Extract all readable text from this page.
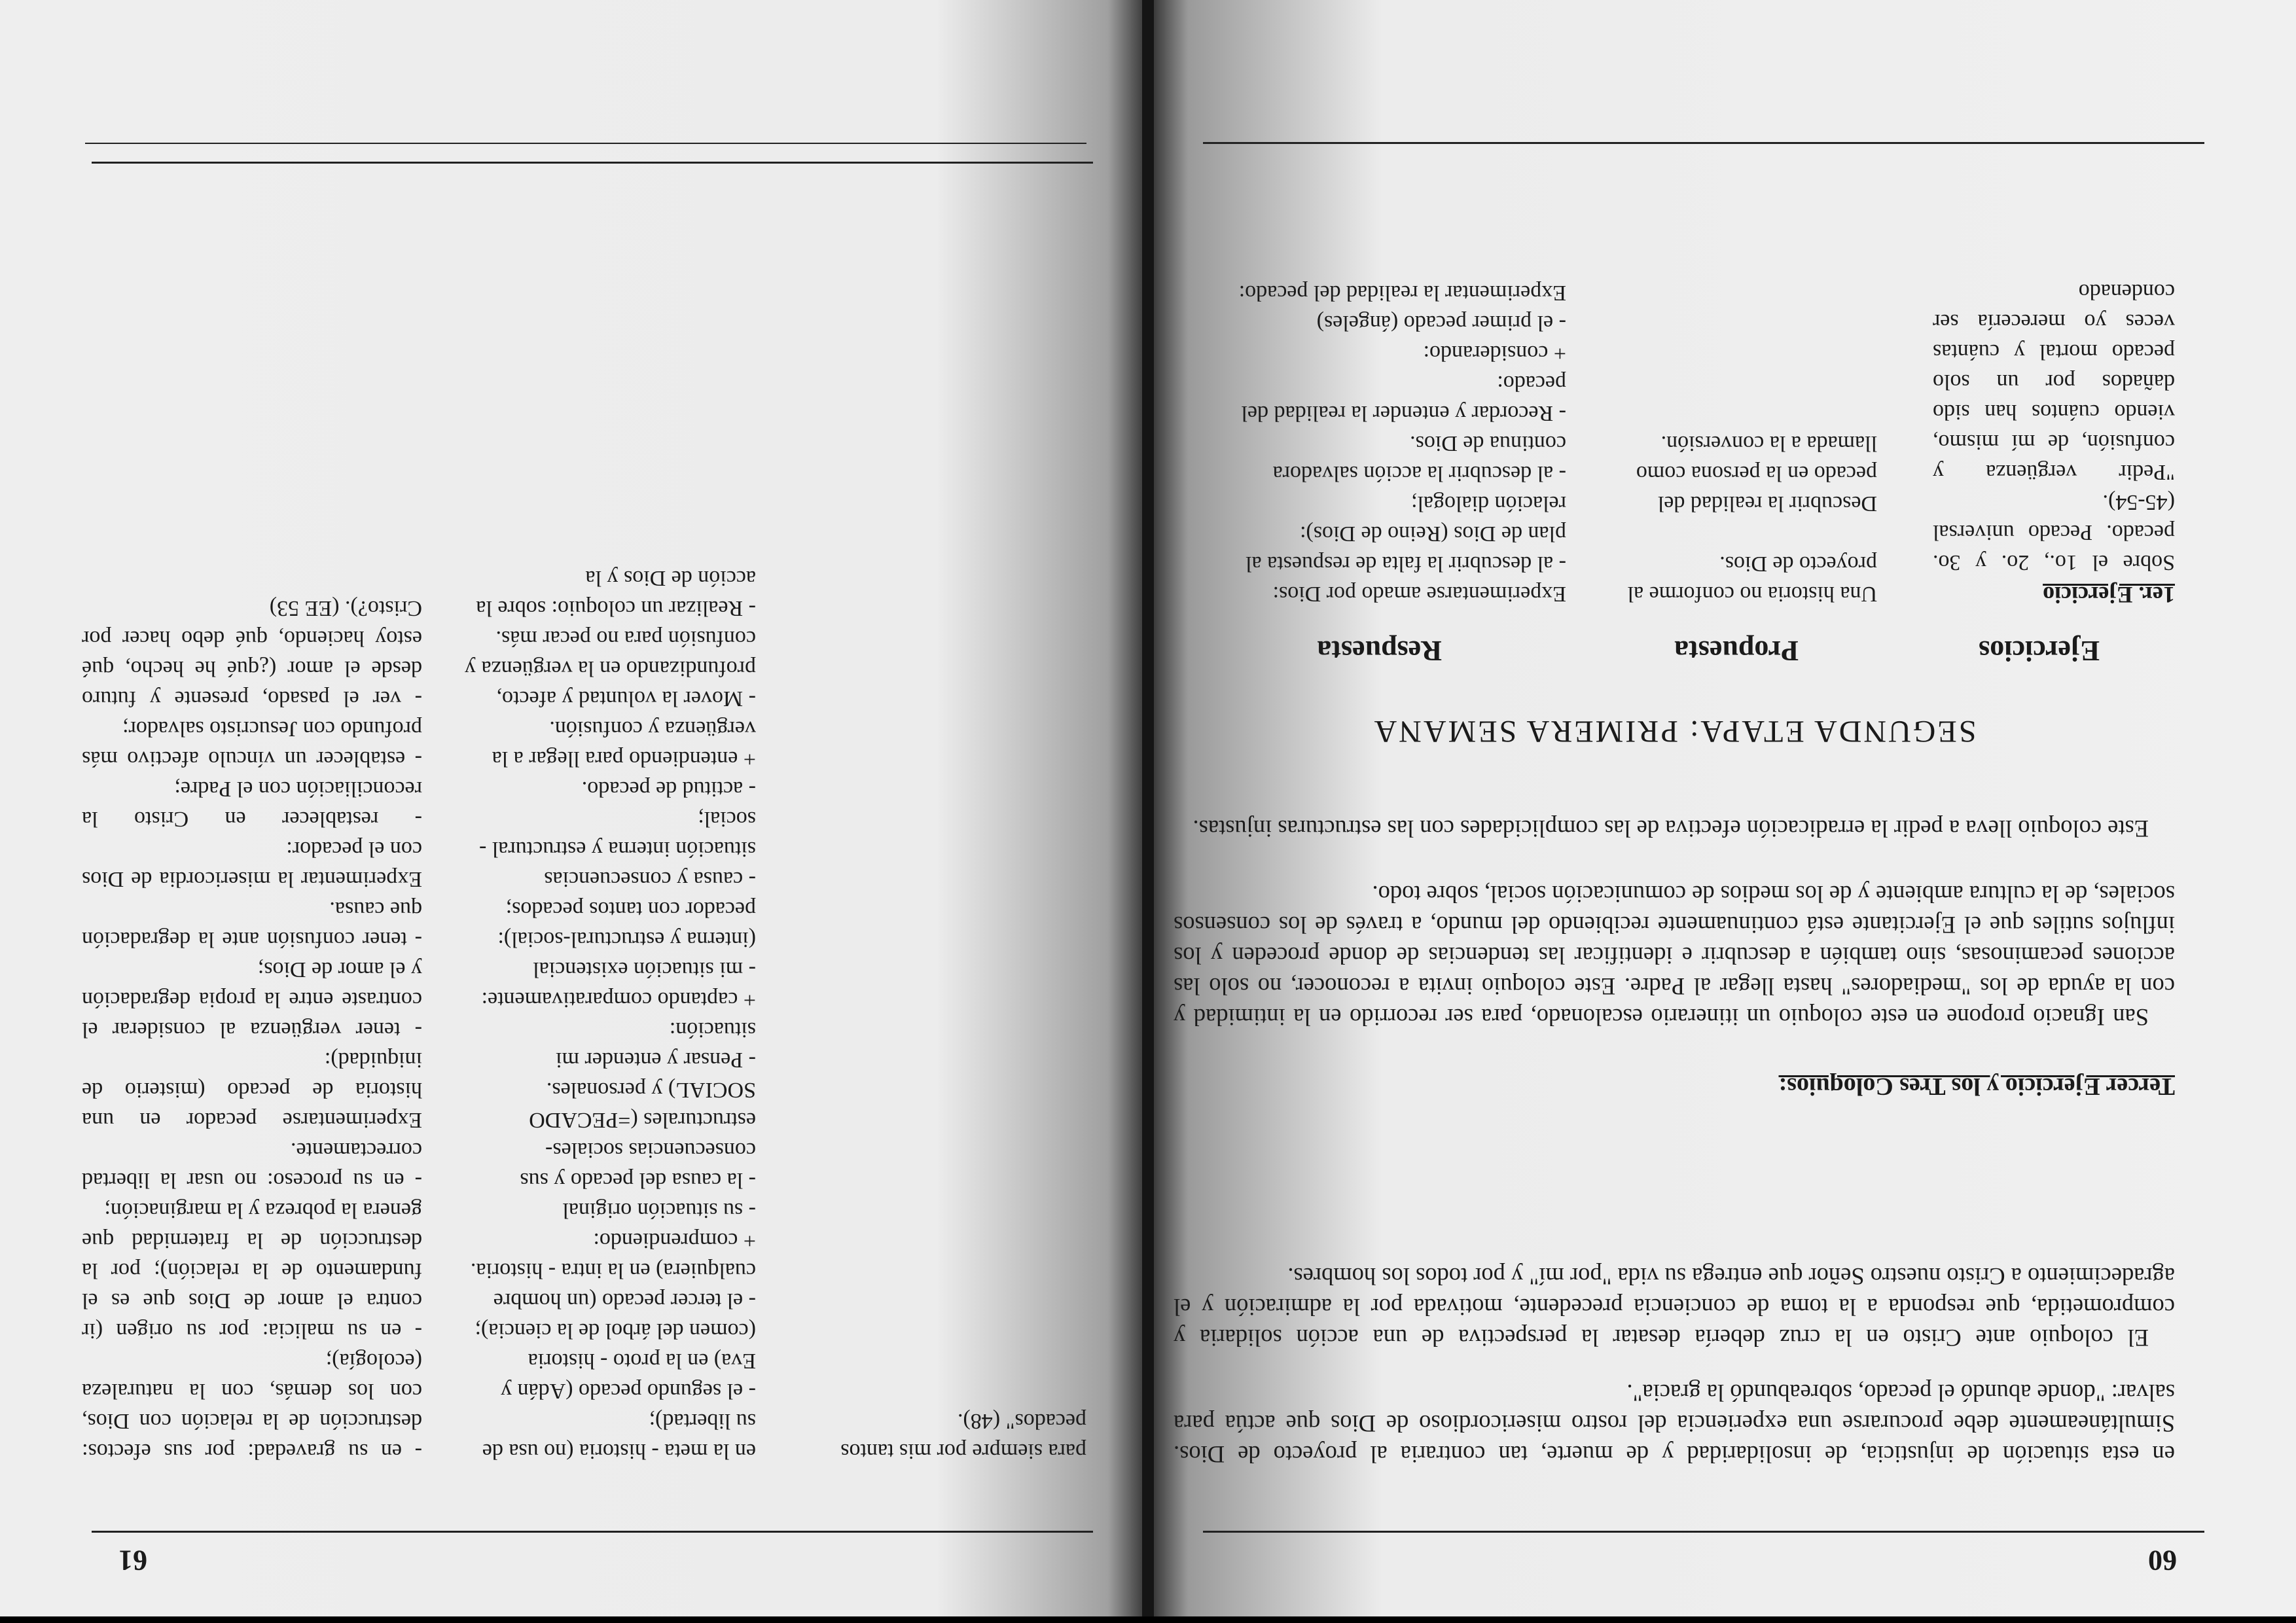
60

en esta situación de injusticia, de insolidaridad y de muerte, tan contraria al proyecto de Dios. Simultáneamente debe procurarse una experiencia del rostro misericordioso de Dios que actúa para salvar: "donde abundó el pecado, sobreabundó la gracia".

El coloquio ante Cristo en la cruz debería desatar la perspectiva de una acción solidaria y comprometida, que responda a la toma de conciencia precedente, motivada por la admiración y el agradecimiento a Cristo nuestro Señor que entrega su vida "por mí" y por todos los hombres.

Tercer Ejercicio y los Tres Coloquios:

San Ignacio propone en este coloquio un itinerario escalonado, para ser recorrido en la intimidad y con la ayuda de los "mediadores" hasta llegar al Padre. Este coloquio invita a reconocer, no solo las acciones pecaminosas, sino también a descubrir e identificar las tendencias de donde proceden y los influjos sutiles que el Ejercitante está continuamente recibiendo del mundo, a través de los consensos sociales, de la cultura ambiente y de los medios de comunicación social, sobre todo.

Este coloquio lleva a pedir la erradicación efectiva de las complicidades con las estructuras injustas.

SEGUNDA ETAPA: PRIMERA SEMANA
Ejercicios
Propuesta
Respuesta
1er. Ejercicio

Sobre el 1o., 2o. y 3o. pecado. Pecado universal (45-54).
"Pedir vergüenza y confusión, de mí mismo, viendo cuántos han sido dañados por un solo pecado mortal y cuántas veces yo merecería ser condenado

Una historia no conforme al proyecto de Dios.

Descubrir la realidad del pecado en la persona como llamada a la conversión.

Experimentarse amado por Dios:
- al descubrir la falta de respuesta al plan de Dios (Reino de Dios): relación dialogal;
- al descubrir la acción salvadora continua de Dios.
- Recordar y entender la realidad del pecado:
+ considerando:
- el primer pecado (ángeles)
Experimentar la realidad del pecado:

61

para siempre por mis tantos pecados" (48).

en la meta - historia (no usa de su libertad);
- el segundo pecado (Adán y Eva) en la proto - historia (comen del árbol de la ciencia);
- el tercer pecado (un hombre cualquiera) en la intra - historia.
+ comprendiendo:
- su situación original
- la causa del pecado y sus consecuencias sociales-estructurales (=PECADO SOCIAL) y personales.
- Pensar y entender mi situación:
+ captando comparativamente:
- mi situación existencial (interna y estructural-social): pecador con tantos pecados;
- causa y consecuencias situación interna y estructural - social;
- actitud de pecado.
+ entendiendo para llegar a la vergüenza y confusión.
- Mover la voluntad y afecto, profundizando en la vergüenza y confusión para no pecar más.
- Realizar un coloquio: sobre la acción de Dios y la

- en su gravedad: por sus efectos: destrucción de la relación con Dios, con los demás, con la naturaleza (ecología);
- en su malicia: por su origen (ir contra el amor de Dios que es el fundamento de la relación); por la destrucción de la fraternidad que genera la pobreza y la marginación;
- en su proceso: no usar la libertad correctamente.
Experimentarse pecador en una historia de pecado (misterio de iniquidad):
- tener vergüenza al considerar el contraste entre la propia degradación y el amor de Dios;
- tener confusión ante la degradación que causa.
Experimentar la misericordia de Dios con el pecador:
- restablecer en Cristo la reconciliación con el Padre;
- establecer un vínculo afectivo más profundo con Jesucristo salvador;
- ver el pasado, presente y futuro desde el amor (¿qué he hecho, qué estoy haciendo, qué debo hacer por Cristo?). (EE 53)
